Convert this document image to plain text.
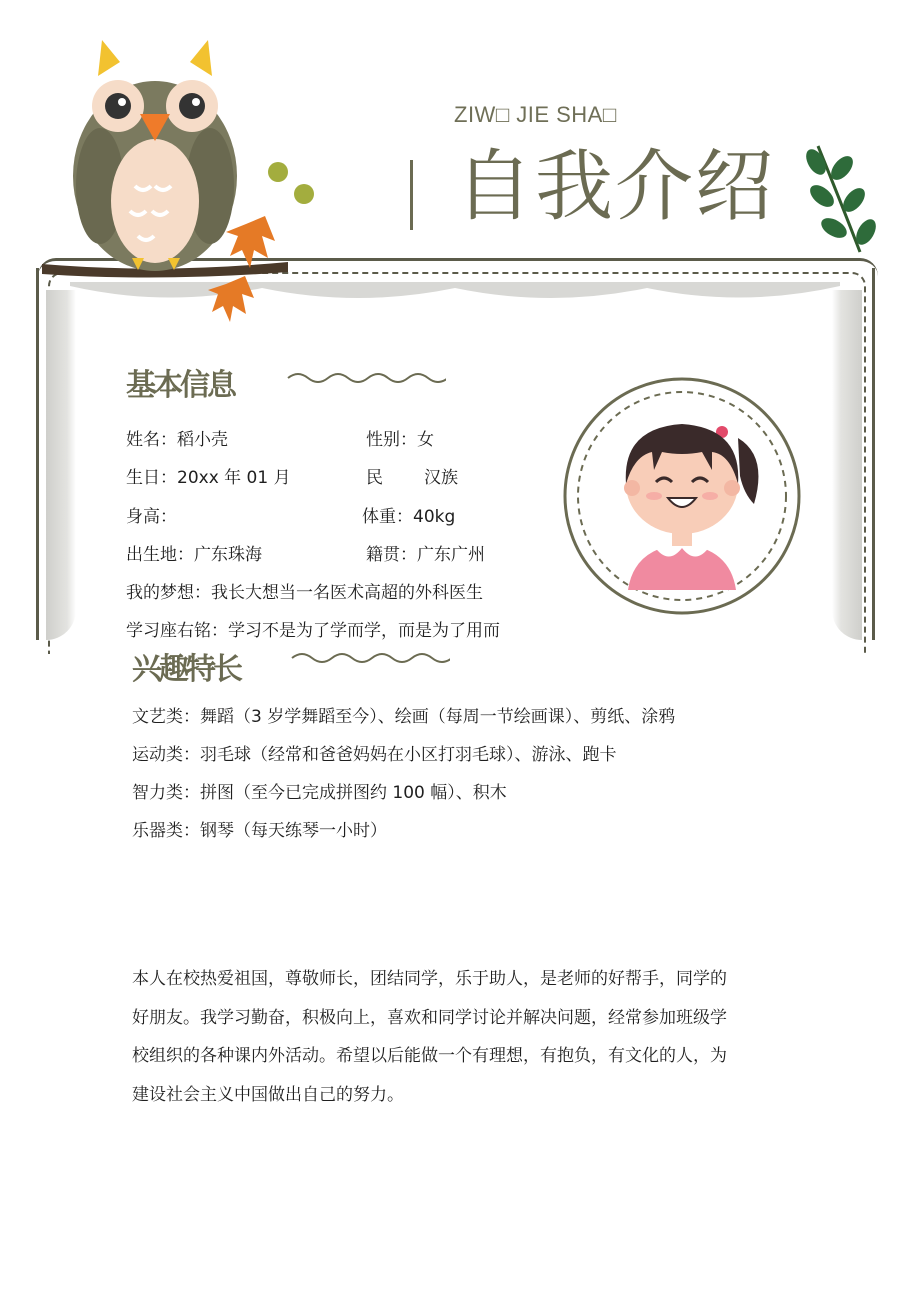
ZIW□ JIE SHA□
自我介绍
基本信息
姓名：稻小壳	性别：女
生日：20xx 年 01 月	民 汉族
身高：	体重：40kg
出生地：广东珠海	籍贯：广东广州
我的梦想：我长大想当一名医术高超的外科医生
学习座右铭：学习不是为了学而学，而是为了用而
兴趣特长
文艺类：舞蹈（3 岁学舞蹈至今）、绘画（每周一节绘画课）、剪纸、涂鸦
运动类：羽毛球（经常和爸爸妈妈在小区打羽毛球）、游泳、跑卡
智力类：拼图（至今已完成拼图约 100 幅）、积木
乐器类：钢琴（每天练琴一小时）
本人在校热爱祖国，尊敬师长，团结同学，乐于助人，是老师的好帮手，同学的
好朋友。我学习勤奋，积极向上，喜欢和同学讨论并解决问题，经常参加班级学
校组织的各种课内外活动。希望以后能做一个有理想，有抱负，有文化的人，为
建设社会主义中国做出自己的努力。
